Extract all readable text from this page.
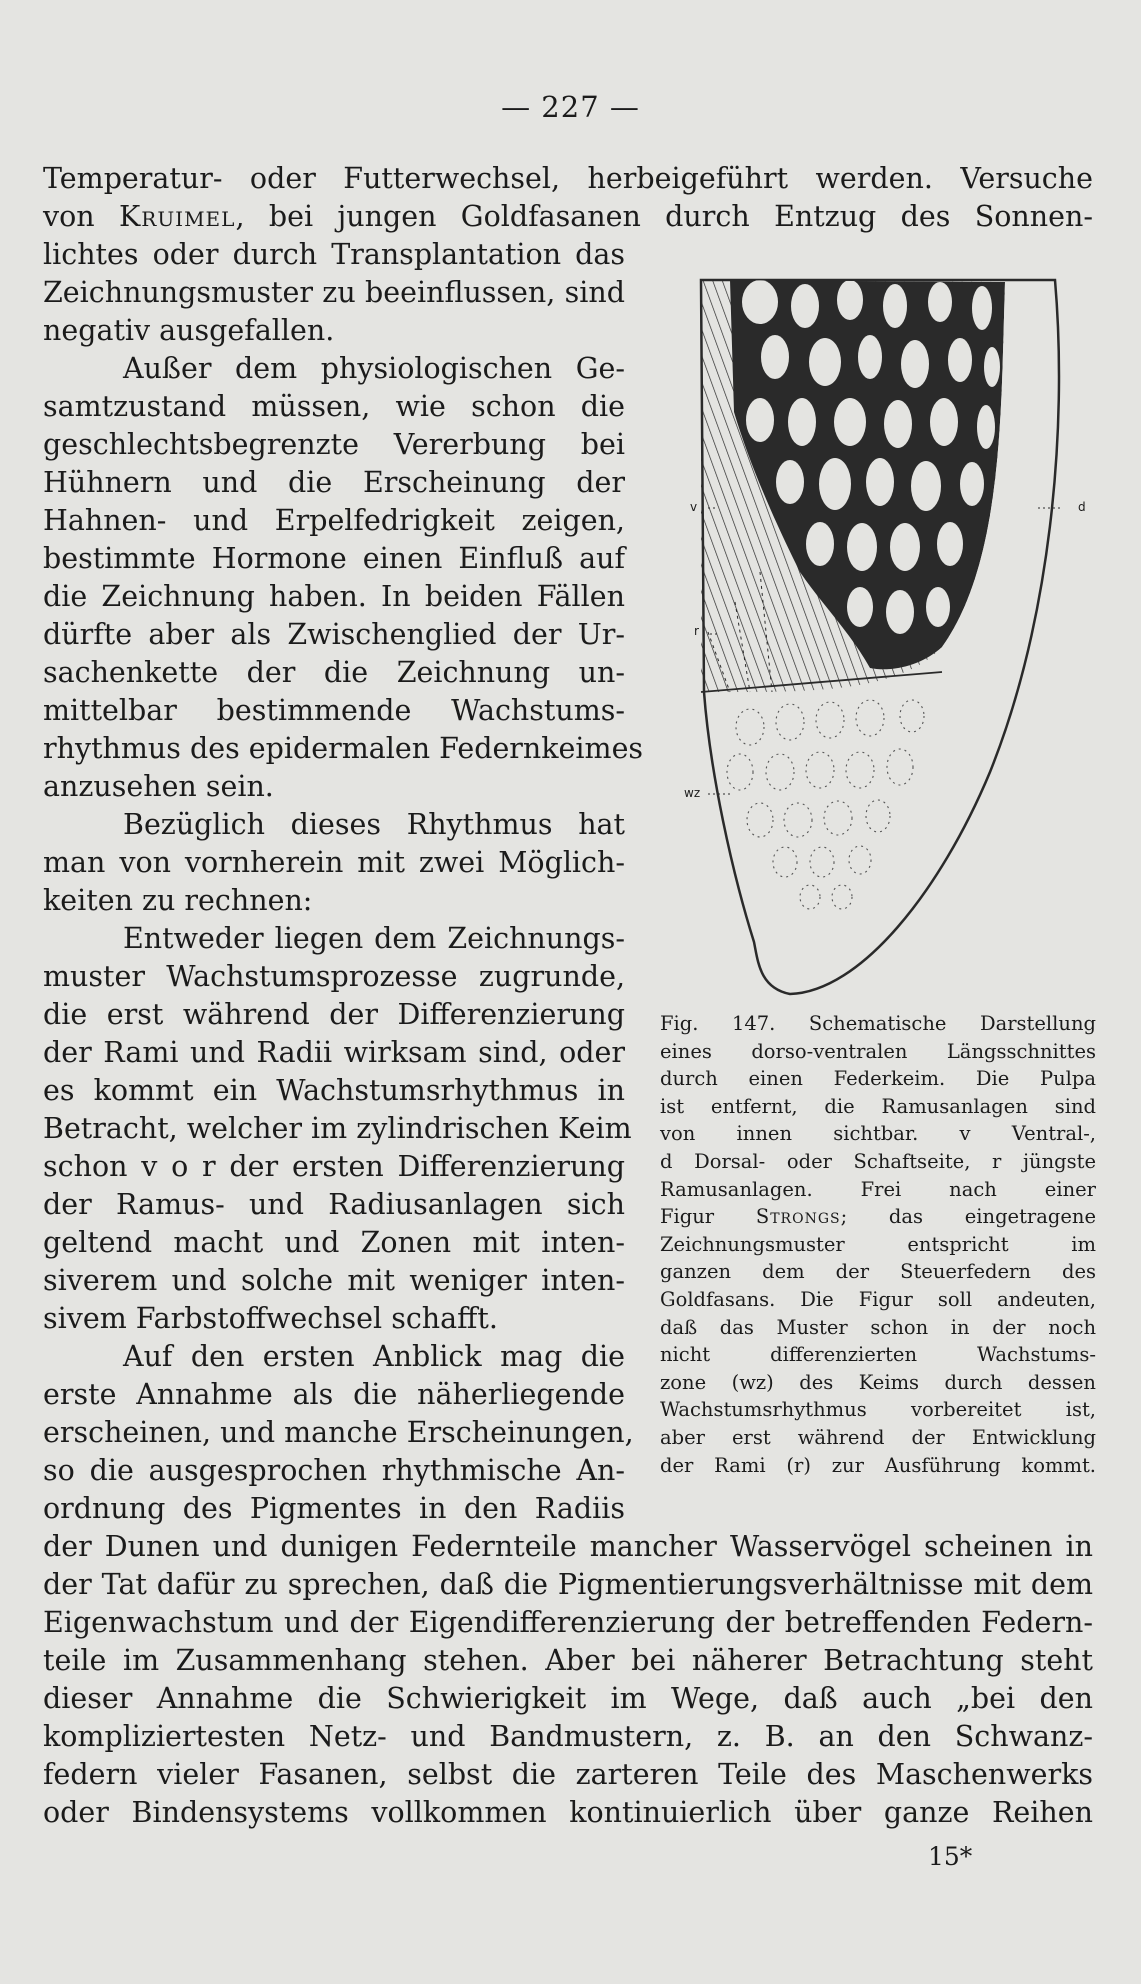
— 227 —
Temperatur- oder Futterwechsel, herbeigeführt werden. Versuche
von Kruimel, bei jungen Goldfasanen durch Entzug des Sonnen-
lichtes oder durch Transplantation das
Zeichnungsmuster zu beeinflussen, sind
negativ ausgefallen.
Außer dem physiologischen Ge-
samtzustand müssen, wie schon die
geschlechtsbegrenzte Vererbung bei
Hühnern und die Erscheinung der
Hahnen- und Erpelfedrigkeit zeigen,
bestimmte Hormone einen Einfluß auf
die Zeichnung haben. In beiden Fällen
dürfte aber als Zwischenglied der Ur-
sachenkette der die Zeichnung un-
mittelbar bestimmende Wachstums-
rhythmus des epidermalen Federnkeimes
anzusehen sein.
Bezüglich dieses Rhythmus hat
man von vornherein mit zwei Möglich-
keiten zu rechnen:
Entweder liegen dem Zeichnungs-
muster Wachstumsprozesse zugrunde,
die erst während der Differenzierung
der Rami und Radii wirksam sind, oder
es kommt ein Wachstumsrhythmus in
Betracht, welcher im zylindrischen Keim
schon v o r der ersten Differenzierung
der Ramus- und Radiusanlagen sich
geltend macht und Zonen mit inten-
siverem und solche mit weniger inten-
sivem Farbstoffwechsel schafft.
Auf den ersten Anblick mag die
erste Annahme als die näherliegende
erscheinen, und manche Erscheinungen,
so die ausgesprochen rhythmische An-
ordnung des Pigmentes in den Radiis
der Dunen und dunigen Federnteile mancher Wasservögel scheinen in
der Tat dafür zu sprechen, daß die Pigmentierungsverhältnisse mit dem
Eigenwachstum und der Eigendifferenzierung der betreffenden Federn-
teile im Zusammenhang stehen. Aber bei näherer Betrachtung steht
dieser Annahme die Schwierigkeit im Wege, daß auch „bei den
kompliziertesten Netz- und Bandmustern, z. B. an den Schwanz-
federn vieler Fasanen, selbst die zarteren Teile des Maschenwerks
oder Bindensystems vollkommen kontinuierlich über ganze Reihen
v	d
r
wz
Fig. 147. Schematische Darstellung
eines dorso-ventralen Längsschnittes
durch einen Federkeim. Die Pulpa
ist entfernt, die Ramusanlagen sind
von innen sichtbar. v Ventral-,
d Dorsal- oder Schaftseite, r jüngste
Ramusanlagen. Frei nach einer
Figur Strongs; das eingetragene
Zeichnungsmuster entspricht im
ganzen dem der Steuerfedern des
Goldfasans. Die Figur soll andeuten,
daß das Muster schon in der noch
nicht differenzierten Wachstums-
zone (wz) des Keims durch dessen
Wachstumsrhythmus vorbereitet ist,
aber erst während der Entwicklung
der Rami (r) zur Ausführung kommt.
15*
